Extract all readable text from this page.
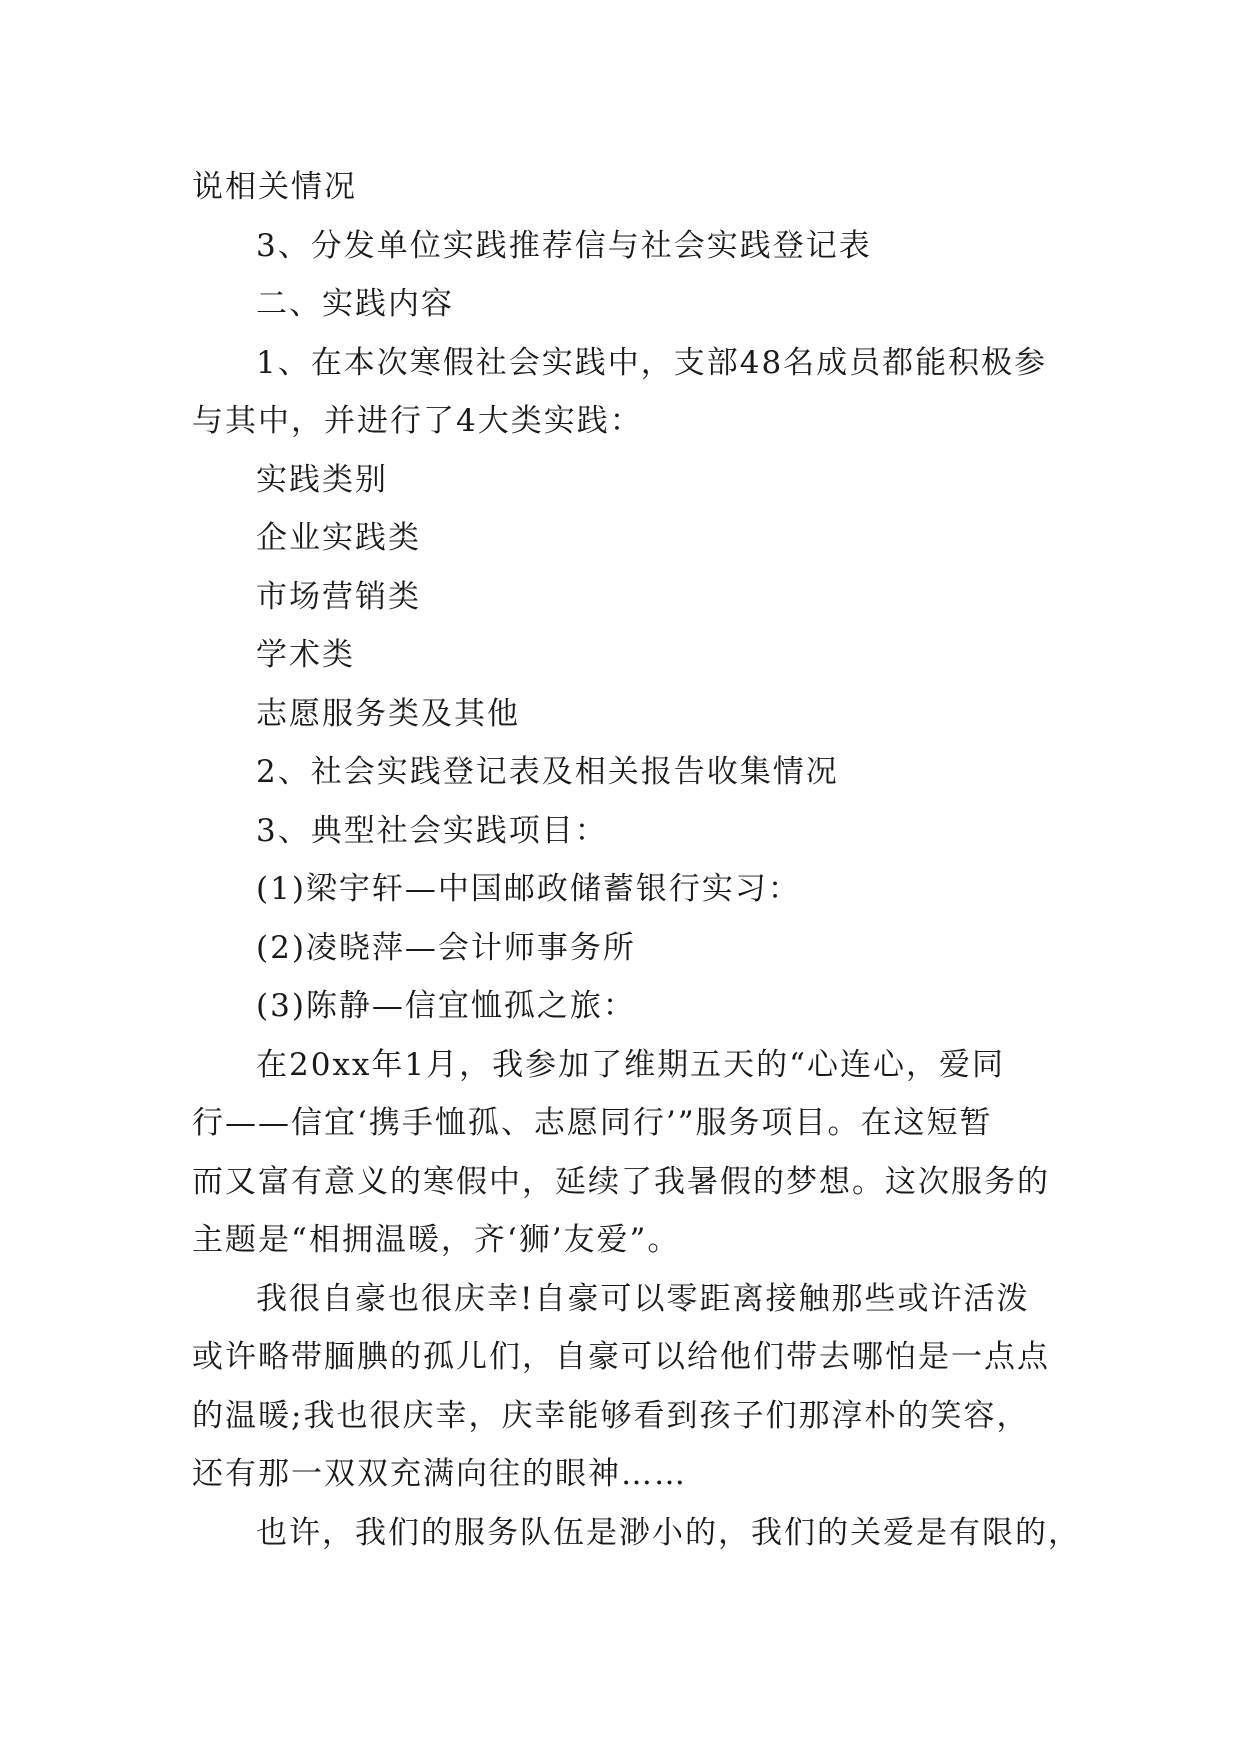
说相关情况

3、分发单位实践推荐信与社会实践登记表

二、实践内容

1、在本次寒假社会实践中，支部48名成员都能积极参

与其中，并进行了4大类实践：

实践类别

企业实践类

市场营销类

学术类

志愿服务类及其他

2、社会实践登记表及相关报告收集情况

3、典型社会实践项目：

(1)梁宇轩—中国邮政储蓄银行实习：

(2)凌晓萍—会计师事务所

(3)陈静—信宜恤孤之旅：

在20xx年1月，我参加了维期五天的“心连心，爱同

行——信宜‘携手恤孤、志愿同行’”服务项目。在这短暂

而又富有意义的寒假中，延续了我暑假的梦想。这次服务的

主题是“相拥温暖，齐‘狮’友爱”。

我很自豪也很庆幸!自豪可以零距离接触那些或许活泼

或许略带腼腆的孤儿们，自豪可以给他们带去哪怕是一点点

的温暖;我也很庆幸，庆幸能够看到孩子们那淳朴的笑容，

还有那一双双充满向往的眼神……

也许，我们的服务队伍是渺小的，我们的关爱是有限的，
